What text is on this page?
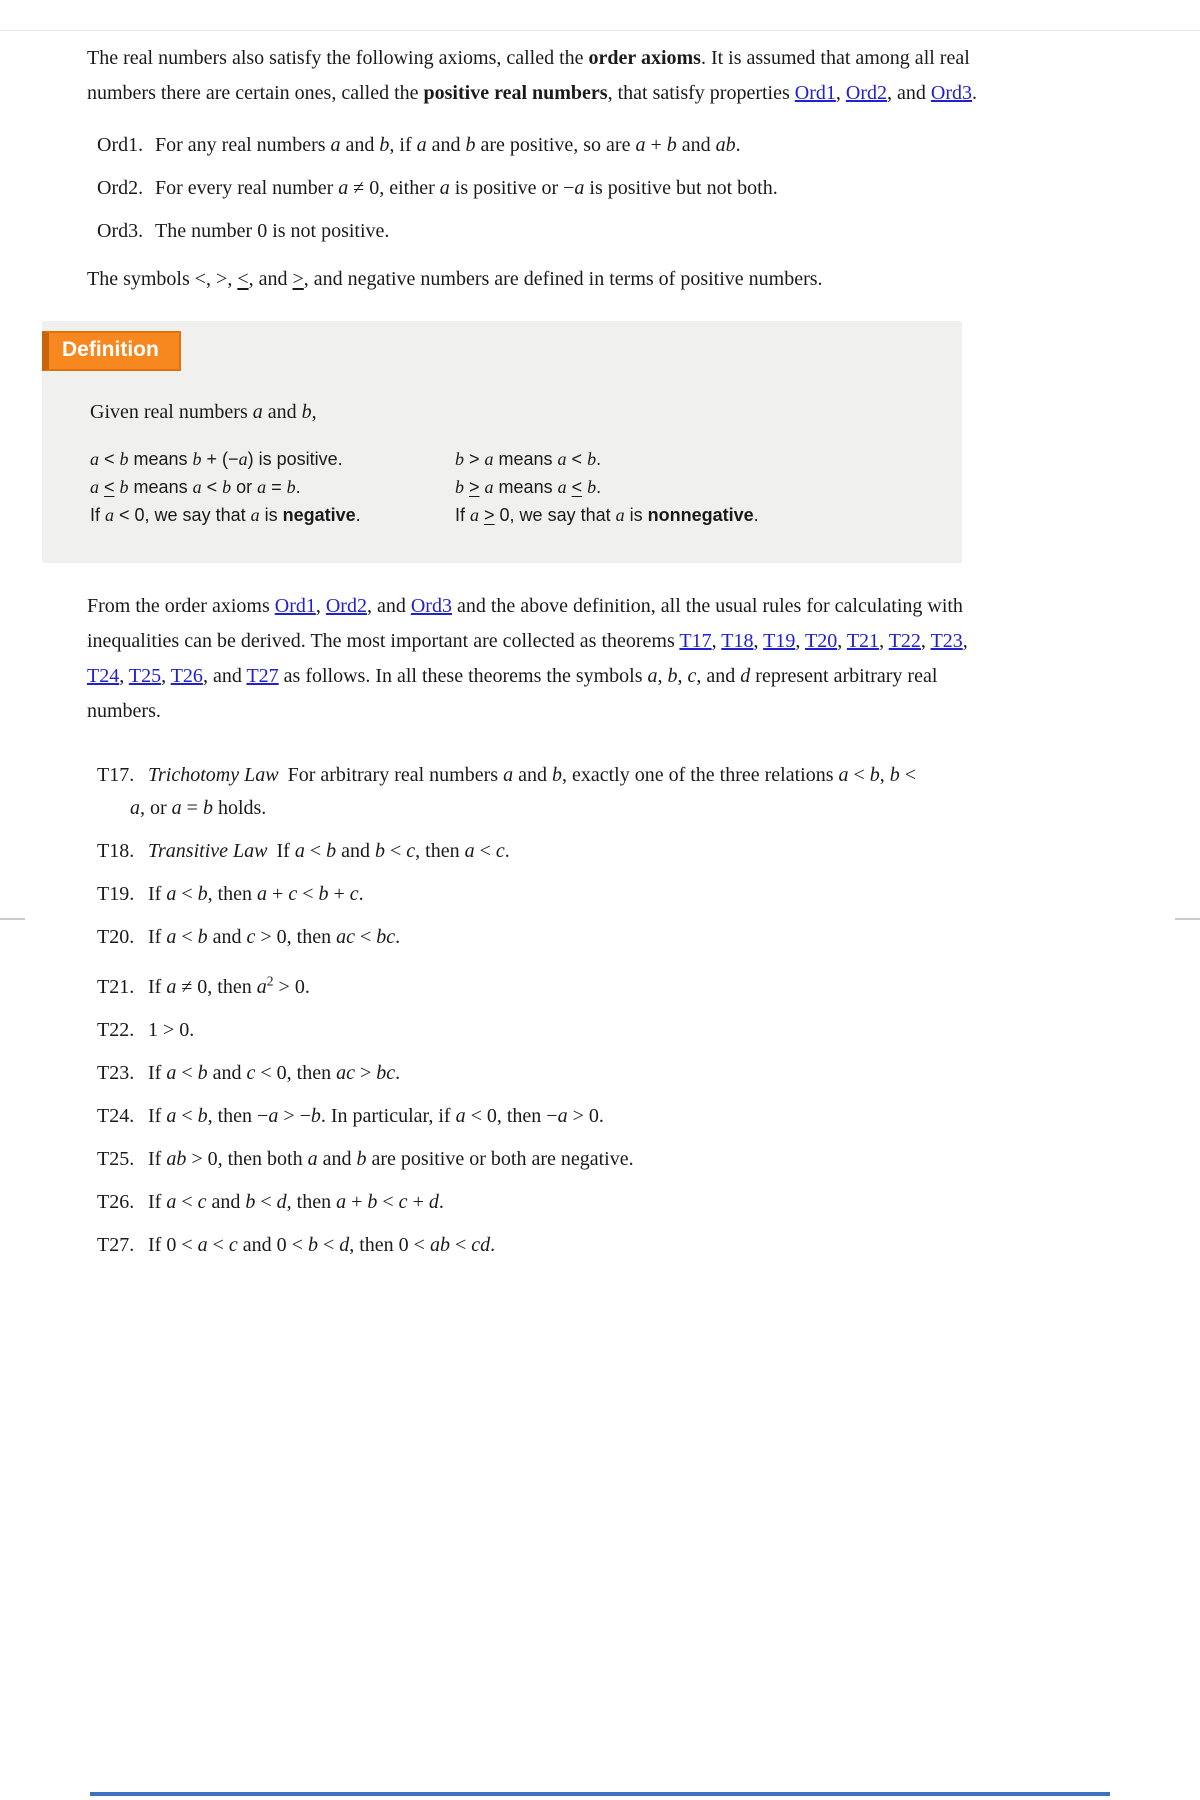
The real numbers also satisfy the following axioms, called the order axioms. It is assumed that among all real numbers there are certain ones, called the positive real numbers, that satisfy properties Ord1, Ord2, and Ord3.

Ord1. For any real numbers a and b, if a and b are positive, so are a + b and ab.
Ord2. For every real number a ≠ 0, either a is positive or −a is positive but not both.
Ord3. The number 0 is not positive.

The symbols <, >, <, and >, and negative numbers are defined in terms of positive numbers.

Definition

Given real numbers a and b,

a < b means b + (−a) is positive.	b > a means a < b.
a < b means a < b or a = b.	b > a means a < b.
If a < 0, we say that a is negative.	If a > 0, we say that a is nonnegative.

From the order axioms Ord1, Ord2, and Ord3 and the above definition, all the usual rules for calculating with inequalities can be derived. The most important are collected as theorems T17, T18, T19, T20, T21, T22, T23, T24, T25, T26, and T27 as follows. In all these theorems the symbols a, b, c, and d represent arbitrary real numbers.

T17. Trichotomy Law For arbitrary real numbers a and b, exactly one of the three relations a < b, b < a, or a = b holds.
T18. Transitive Law If a < b and b < c, then a < c.
T19. If a < b, then a + c < b + c.
T20. If a < b and c > 0, then ac < bc.
T21. If a ≠ 0, then $a^2 > 0$.
T22. 1 > 0.
T23. If a < b and c < 0, then ac > bc.
T24. If a < b, then −a > −b. In particular, if a < 0, then −a > 0.
T25. If ab > 0, then both a and b are positive or both are negative.
T26. If a < c and b < d, then a + b < c + d.
T27. If 0 < a < c and 0 < b < d, then 0 < ab < cd.
